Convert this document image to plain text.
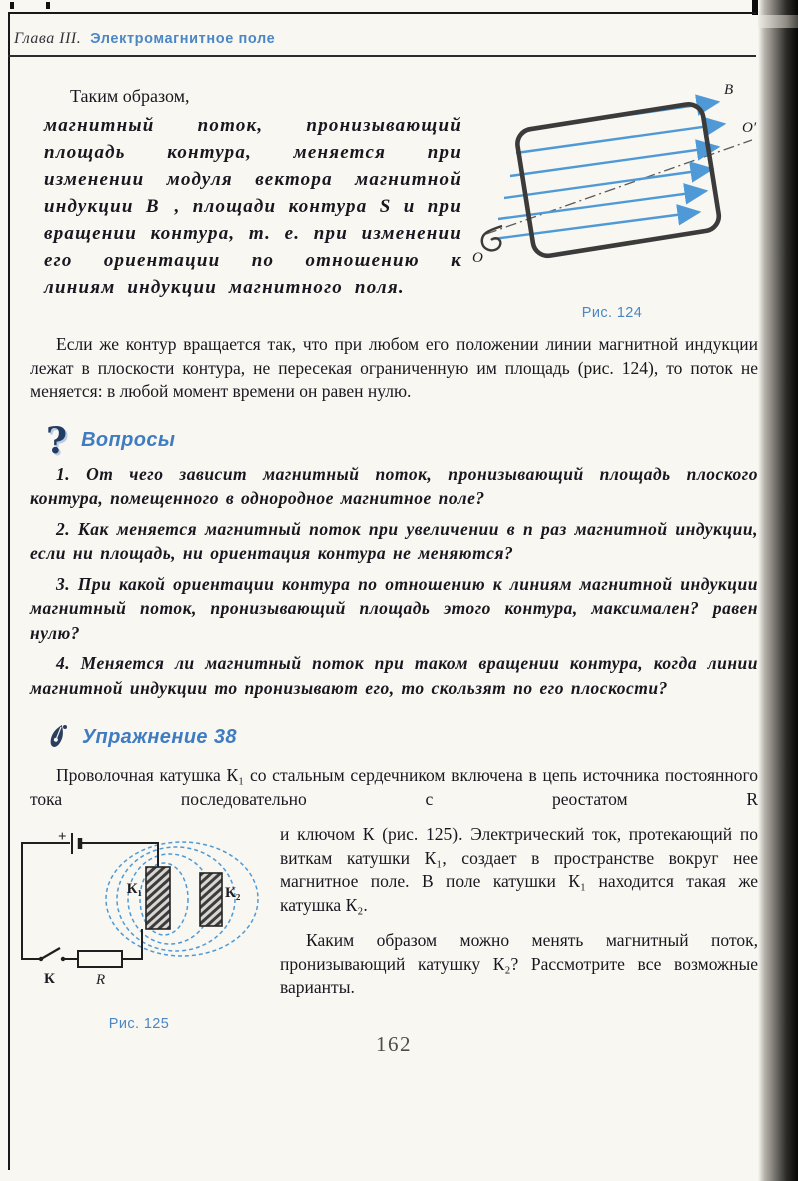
Глава III. Электромагнитное поле

Таким образом,

магнитный поток, пронизывающий площадь контура, меняется при изменении модуля вектора магнитной индукции B⃗, площади контура S и при вращении контура, т. е. при изменении его ориентации по отношению к линиям индукции магнитного поля.

B⃗
O′
O
Рис. 124

Если же контур вращается так, что при любом его положении линии магнитной индукции лежат в плоскости контура, не пересекая ограниченную им площадь (рис. 124), то поток не меняется: в любой момент времени он равен нулю.

? Вопросы

1. От чего зависит магнитный поток, пронизывающий площадь плоского контура, помещенного в однородное магнитное поле?

2. Как меняется магнитный поток при увеличении в n раз магнитной индукции, если ни площадь, ни ориентация контура не меняются?

3. При какой ориентации контура по отношению к линиям магнитной индукции магнитный поток, пронизывающий площадь этого контура, максимален? равен нулю?

4. Меняется ли магнитный поток при таком вращении контура, когда линии магнитной индукции то пронизывают его, то скользят по его плоскости?

Упражнение 38

Проволочная катушка К₁ со стальным сердечником включена в цепь источника постоянного тока последовательно с реостатом R

+
К₁	К₂
К	R
Рис. 125

и ключом К (рис. 125). Электрический ток, протекающий по виткам катушки К₁, создает в пространстве вокруг нее магнитное поле. В поле катушки К₁ находится такая же катушка К₂.

Каким образом можно менять магнитный поток, пронизывающий катушку К₂? Рассмотрите все возможные варианты.

162
